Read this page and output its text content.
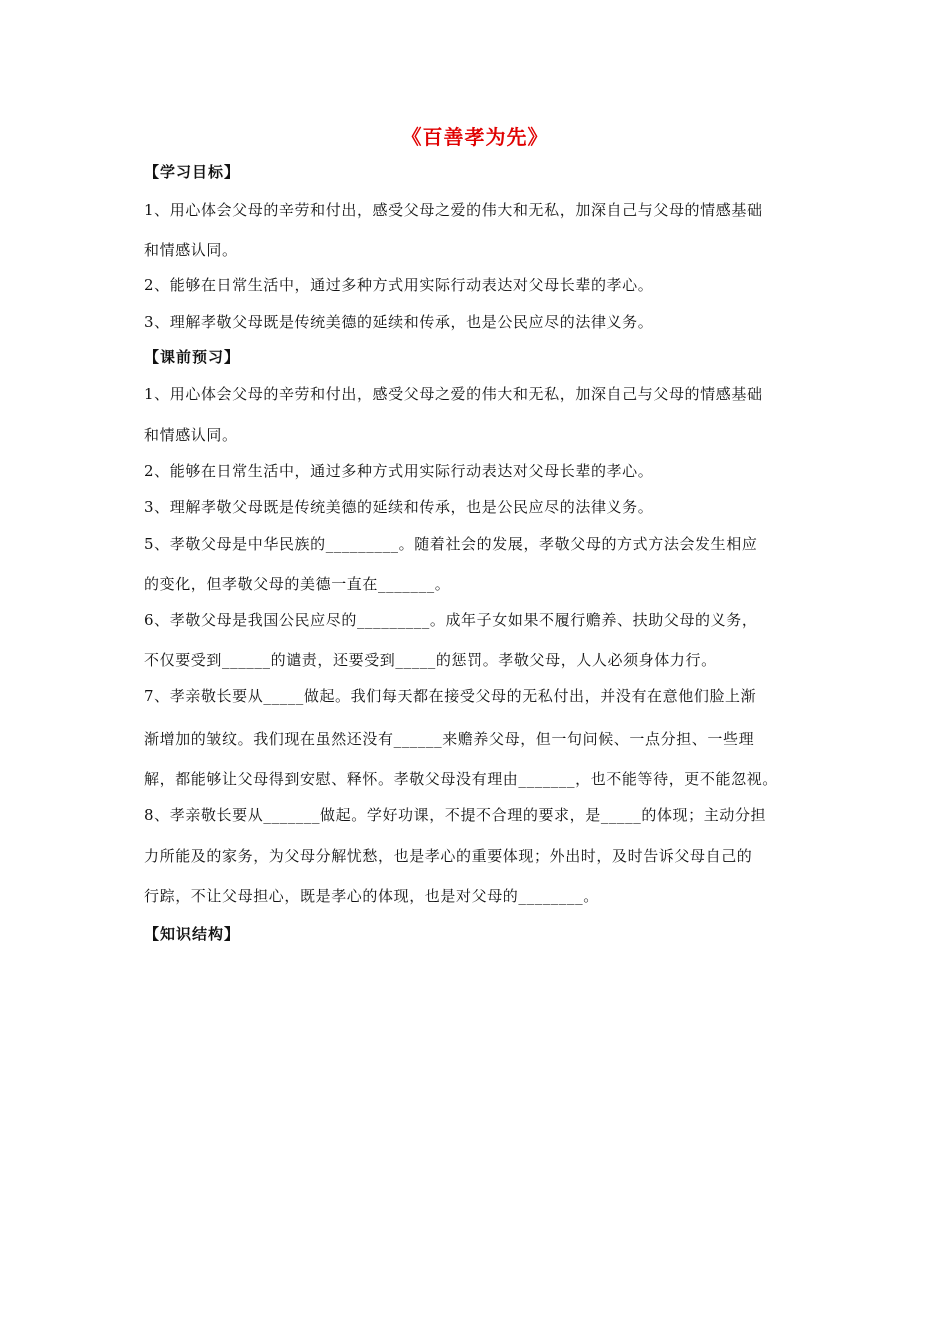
《百善孝为先》
【学习目标】
1、用心体会父母的辛劳和付出，感受父母之爱的伟大和无私，加深自己与父母的情感基础
和情感认同。
2、能够在日常生活中，通过多种方式用实际行动表达对父母长辈的孝心。
3、理解孝敬父母既是传统美德的延续和传承，也是公民应尽的法律义务。
【课前预习】
1、用心体会父母的辛劳和付出，感受父母之爱的伟大和无私，加深自己与父母的情感基础
和情感认同。
2、能够在日常生活中，通过多种方式用实际行动表达对父母长辈的孝心。
3、理解孝敬父母既是传统美德的延续和传承，也是公民应尽的法律义务。
5、孝敬父母是中华民族的_________。随着社会的发展，孝敬父母的方式方法会发生相应
的变化，但孝敬父母的美德一直在_______。
6、孝敬父母是我国公民应尽的_________。成年子女如果不履行赡养、扶助父母的义务，
不仅要受到______的谴责，还要受到_____的惩罚。孝敬父母，人人必须身体力行。
7、孝亲敬长要从_____做起。我们每天都在接受父母的无私付出，并没有在意他们脸上渐
渐增加的皱纹。我们现在虽然还没有______来赡养父母，但一句问候、一点分担、一些理
解，都能够让父母得到安慰、释怀。孝敬父母没有理由_______，也不能等待，更不能忽视。
8、孝亲敬长要从_______做起。学好功课，不提不合理的要求，是_____的体现；主动分担
力所能及的家务，为父母分解忧愁，也是孝心的重要体现；外出时，及时告诉父母自己的
行踪，不让父母担心，既是孝心的体现，也是对父母的________。
【知识结构】
